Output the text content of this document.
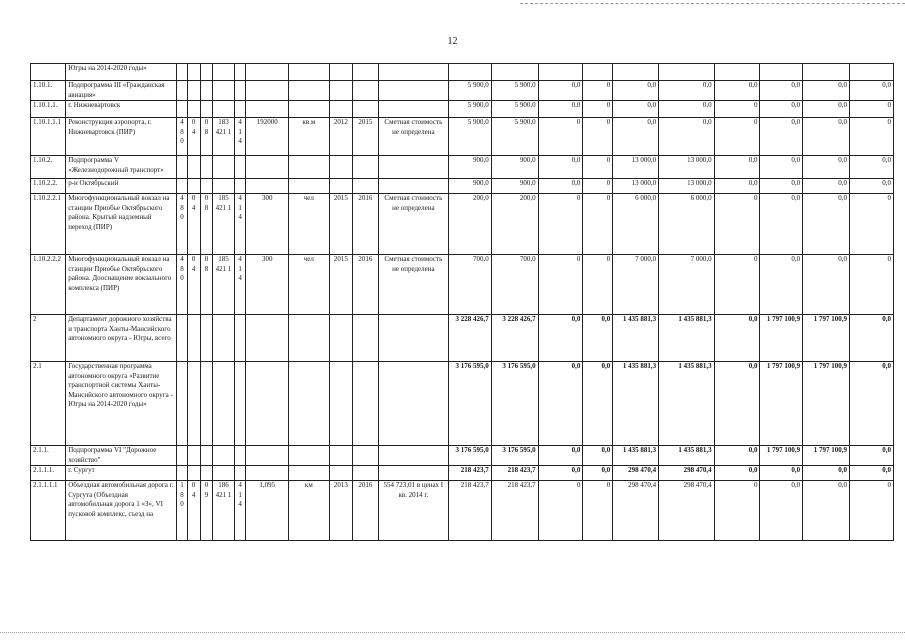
12
	Югры на 2014-2020 годы»																				
1.10.1.	Подпрограмма III «Гражданская авиация»											5 900,0	5 900,0	0,0	0	0,0	0,0	0,0	0,0	0,0	0,0
1.10.1.1.	г. Нижневартовск											5 900,0	5 900,0	0,0	0	0,0	0,0	0	0,0	0,0	0
1.10.1.1.1	Реконструкция аэропорта, г. Нижневартовск (ПИР)	4 8 0	0 4	0 8	183 421 1	4 1 4	192000	кв.м	2012	2015	Сметная стоимость не определена	5 900,0	5 900,0	0	0	0,0	0,0	0	0,0	0,0	0
1.10.2.	Подпрограмма V «Железнодорожный транспорт»											900,0	900,0	0,0	0	13 000,0	13 000,0	0,0	0,0	0,0	0,0
1.10.2.2.	р-н Октябрьский											900,0	900,0	0,0	0	13 000,0	13 000,0	0,0	0,0	0,0	0,0
1.10.2.2.1	Многофункциональный вокзал на станции Приобье Октябрьского района. Крытый надземный переход (ПИР)	4 8 0	0 4	0 8	185 421 1	4 1 4	300	чел	2015	2016	Сметная стоимость не определена	200,0	200,0	0	0	6 000,0	6 000,0	0	0,0	0,0	0
1.10.2.2.2	Многофункциональный вокзал на станции Приобье Октябрьского района. Дооснащение вокзального комплекса (ПИР)	4 8 0	0 4	0 8	185 421 1	4 1 4	300	чел	2015	2016	Сметная стоимость не определена	700,0	700,0	0	0	7 000,0	7 000,0	0	0,0	0,0	0
2	Департамент дорожного хозяйства и транспорта Ханты-Мансийского автономного округа - Югры, всего											3 228 426,7	3 228 426,7	0,0	0,0	1 435 881,3	1 435 881,3	0,0	1 797 100,9	1 797 100,9	0,0
2.1	Государственная программа автономного округа «Развитие транспортной системы Ханты-Мансийского автономного округа - Югры на 2014-2020 годы»											3 176 595,0	3 176 595,0	0,0	0,0	1 435 881,3	1 435 881,3	0,0	1 797 100,9	1 797 100,9	0,0
2.1.1.	Подпрограмма VI "Дорожное хозяйство"											3 176 595,0	3 176 595,0	0,0	0,0	1 435 881,3	1 435 881,3	0,0	1 797 100,9	1 797 100,9	0,0
2.1.1.1.	г. Сургут											218 423,7	218 423,7	0,0	0,0	298 470,4	298 470,4	0,0	0,0	0,0	0,0
2.1.1.1.1	Объездная автомобильная дорога г. Сургута (Объездная автомобильная дорога 1 «З», VI пусковой комплекс, съезд на	1 8 0	0 4	0 9	186 421 1	4 1 4	1,095	км	2013	2016	554 723,01 в ценах I кв. 2014 г.	218 423,7	218 423,7	0	0	298 470,4	298 470,4	0	0,0	0,0	0
